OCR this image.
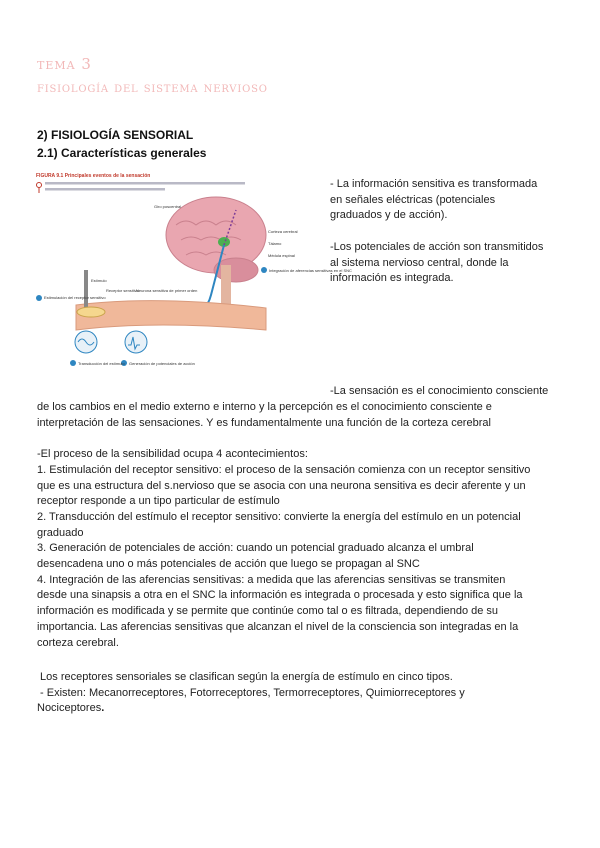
tema 3
fisiología del sistema nervioso
2) FISIOLOGÍA SENSORIAL
2.1) Características generales
FIGURA 9.1 Principales eventos de la sensación
Giro poscentral
Corteza cerebral
Tálamo
Médula espinal
Integración de aferencias sensitivas en el SNC
Estimulación del receptor sensitivo
Estímulo
Receptor sensitivo
Neurona sensitiva de primer orden
Transducción del estímulo Generación de potenciales de acción
- La información sensitiva es transformada
en señales eléctricas (potenciales
graduados y de acción).
-Los potenciales de acción son transmitidos
al sistema nervioso central, donde la
información es integrada.
-La sensación es el conocimiento consciente
de los cambios en el medio externo e interno y la percepción es el conocimiento consciente e
interpretación de las sensaciones. Y es fundamentalmente una función de la corteza cerebral
-El proceso de la sensibilidad ocupa 4 acontecimientos:
1. Estimulación del receptor sensitivo: el proceso de la sensación comienza con un receptor sensitivo
que es una estructura del s.nervioso que se asocia con una neurona sensitiva es decir aferente y un
receptor responde a un tipo particular de estímulo
2. Transducción del estímulo el receptor sensitivo: convierte la energía del estímulo en un potencial
graduado
3. Generación de potenciales de acción: cuando un potencial graduado alcanza el umbral
desencadena uno o más potenciales de acción que luego se propagan al SNC
4. Integración de las aferencias sensitivas: a medida que las aferencias sensitivas se transmiten
desde una sinapsis a otra en el SNC la información es integrada o procesada y esto significa que la
información es modificada y se permite que continúe como tal o es filtrada, dependiendo de su
importancia. Las aferencias sensitivas que alcanzan el nivel de la consciencia son integradas en la
corteza cerebral.
Los receptores sensoriales se clasifican según la energía de estímulo en cinco tipos.
- Existen: Mecanorreceptores, Fotorreceptores, Termorreceptores, Quimiorreceptores y
Nociceptores.
